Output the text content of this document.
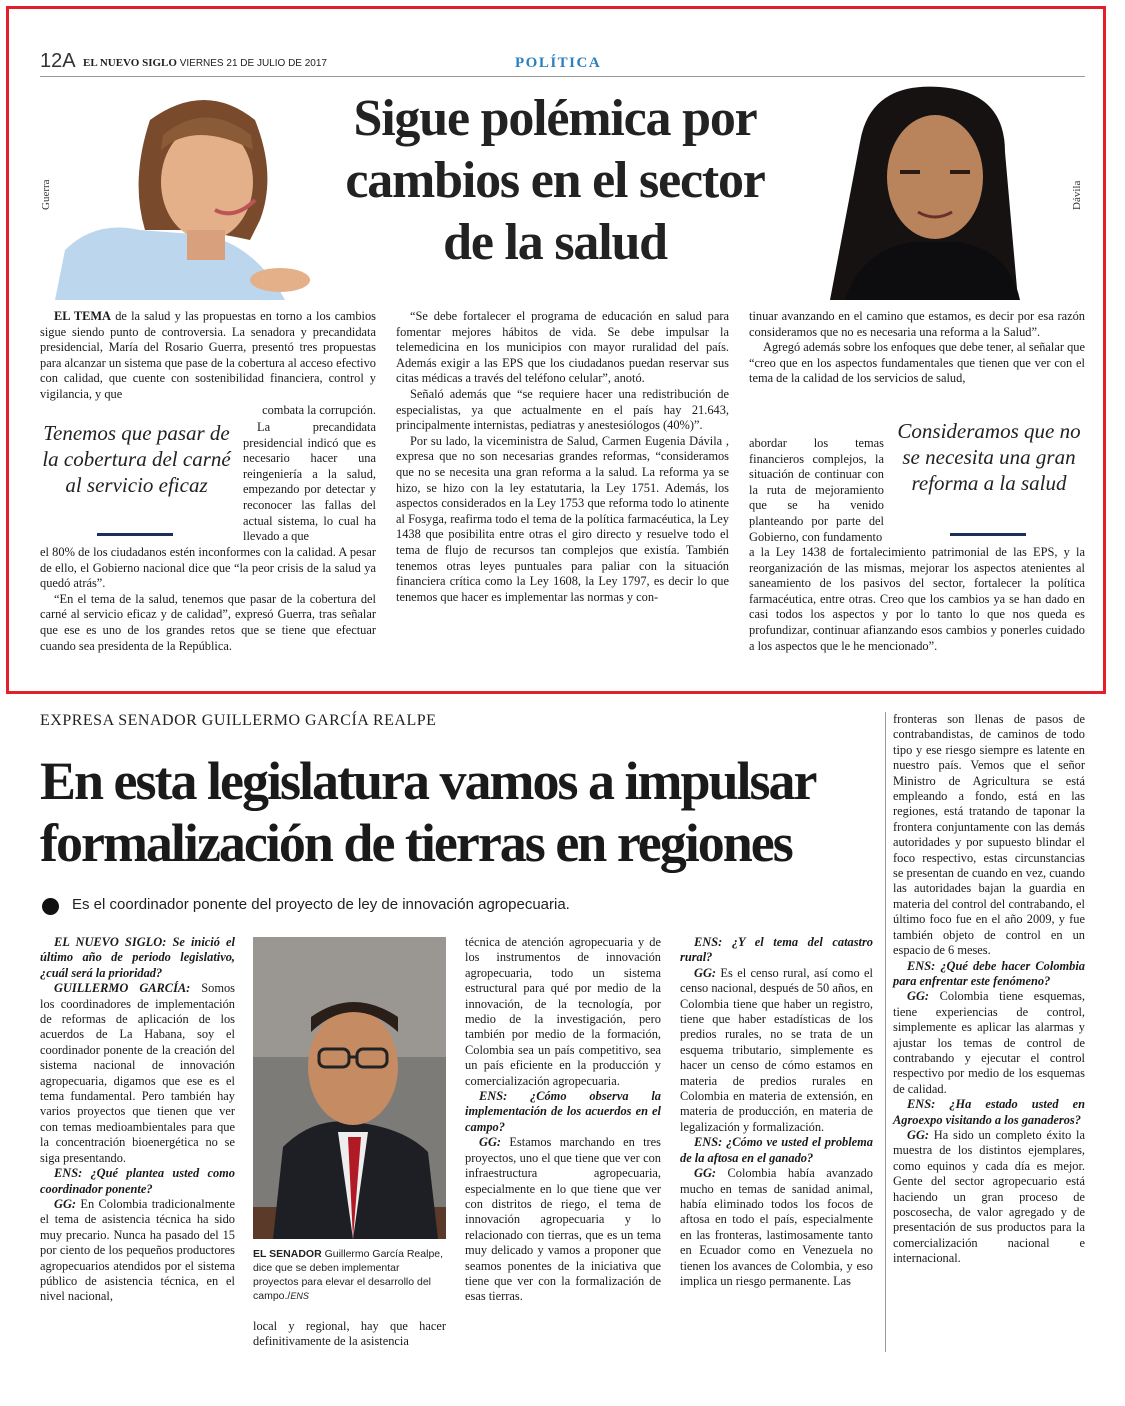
12A EL NUEVO SIGLO VIERNES 21 DE JULIO DE 2017	POLÍTICA
Guerra	Dávila
Sigue polémica por
cambios en el sector
de la salud

EL TEMA de la salud y las propuestas en torno a los cambios sigue siendo punto de controversia. La senadora y precandidata presidencial, María del Rosario Guerra, presentó tres propuestas para alcanzar un sistema que pase de la cobertura al acceso efectivo con calidad, que cuente con sostenibilidad financiera, control y vigilancia, y que

combata la corrupción.
Tenemos que pasar de la cobertura del carné al servicio eficaz

La precandidata presidencial indicó que es necesario hacer una reingeniería a la salud, empezando por detectar y reconocer las fallas del actual sistema, lo cual ha llevado a que

el 80% de los ciudadanos estén inconformes con la calidad. A pesar de ello, el Gobierno nacional dice que “la peor crisis de la salud ya quedó atrás”.

“En el tema de la salud, tenemos que pasar de la cobertura del carné al servicio eficaz y de calidad”, expresó Guerra, tras señalar que ese es uno de los grandes retos que se tiene que efectuar cuando sea presidenta de la República.

“Se debe fortalecer el programa de educación en salud para fomentar mejores hábitos de vida. Se debe impulsar la telemedicina en los municipios con mayor ruralidad del país. Además exigir a las EPS que los ciudadanos puedan reservar sus citas médicas a través del teléfono celular”, anotó.

Señaló además que “se requiere hacer una redistribución de especialistas, ya que actualmente en el país hay 21.643, principalmente internistas, pediatras y anestesiólogos (40%)”.

Por su lado, la viceministra de Salud, Carmen Eugenia Dávila , expresa que no son necesarias grandes reformas, “consideramos que no se necesita una gran reforma a la salud. La reforma ya se hizo, se hizo con la ley estatutaria, la Ley 1751. Además, los aspectos considerados en la Ley 1753 que reforma todo lo atinente al Fosyga, reafirma todo el tema de la política farmacéutica, la Ley 1438 que posibilita entre otras el giro directo y resuelve todo el tema de flujo de recursos tan complejos que existía. También tenemos otras leyes puntuales para paliar con la situación financiera crítica como la Ley 1608, la Ley 1797, es decir lo que tenemos que hacer es implementar las normas y con-

tinuar avanzando en el camino que estamos, es decir por esa razón consideramos que no es necesaria una reforma a la Salud”.

Agregó además sobre los enfoques que debe tener, al señalar que “creo que en los aspectos fundamentales que tienen que ver con el tema de la calidad de los servicios de salud,

abordar los temas financieros complejos, la situación de continuar con la ruta de mejoramiento que se ha venido planteando por parte del Gobierno, con fundamento

Consideramos que no se necesita una gran reforma a la salud

a la Ley 1438 de fortalecimiento patrimonial de las EPS, y la reorganización de las mismas, mejorar los aspectos atenientes al saneamiento de los pasivos del sector, fortalecer la política farmacéutica, entre otras. Creo que los cambios ya se han dado en casi todos los aspectos y por lo tanto lo que nos queda es profundizar, continuar afianzando esos cambios y ponerles cuidado a los aspectos que le he mencionado”.

EXPRESA SENADOR GUILLERMO GARCÍA REALPE
En esta legislatura vamos a impulsar
formalización de tierras en regiones
Es el coordinador ponente del proyecto de ley de innovación agropecuaria.

EL NUEVO SIGLO: Se inició el último año de periodo legislativo, ¿cuál será la prioridad?

GUILLERMO GARCÍA: Somos los coordinadores de implementación de reformas de aplicación de los acuerdos de La Habana, soy el coordinador ponente de la creación del sistema nacional de innovación agropecuaria, digamos que ese es el tema fundamental. Pero también hay varios proyectos que tienen que ver con temas medioambientales para que la concentración bioenergética no se siga presentando.

ENS: ¿Qué plantea usted como coordinador ponente?

GG: En Colombia tradicionalmente el tema de asistencia técnica ha sido muy precario. Nunca ha pasado del 15 por ciento de los pequeños productores agropecuarios atendidos por el sistema público de asistencia técnica, en el nivel nacional,

EL SENADOR Guillermo García Realpe, dice que se deben implementar proyectos para elevar el desarrollo del campo./ENS

local y regional, hay que hacer definitivamente de la asistencia

técnica de atención agropecuaria y de los instrumentos de innovación agropecuaria, todo un sistema estructural para qué por medio de la innovación, de la tecnología, por medio de la investigación, pero también por medio de la formación, Colombia sea un país competitivo, sea un país eficiente en la producción y comercialización agropecuaria.

ENS: ¿Cómo observa la implementación de los acuerdos en el campo?

GG: Estamos marchando en tres proyectos, uno el que tiene que ver con infraestructura agropecuaria, especialmente en lo que tiene que ver con distritos de riego, el tema de innovación agropecuaria y lo relacionado con tierras, que es un tema muy delicado y vamos a proponer que seamos ponentes de la iniciativa que tiene que ver con la formalización de esas tierras.

ENS: ¿Y el tema del catastro rural?

GG: Es el censo rural, así como el censo nacional, después de 50 años, en Colombia tiene que haber un registro, tiene que haber estadísticas de los predios rurales, no se trata de un esquema tributario, simplemente es hacer un censo de cómo estamos en materia de predios rurales en Colombia en materia de extensión, en materia de producción, en materia de legalización y formalización.

ENS: ¿Cómo ve usted el problema de la aftosa en el ganado?

GG: Colombia había avanzado mucho en temas de sanidad animal, había eliminado todos los focos de aftosa en todo el país, especialmente en las fronteras, lastimosamente tanto en Ecuador como en Venezuela no tienen los avances de Colombia, y eso implica un riesgo permanente. Las

fronteras son llenas de pasos de contrabandistas, de caminos de todo tipo y ese riesgo siempre es latente en nuestro país. Vemos que el señor Ministro de Agricultura se está empleando a fondo, está en las regiones, está tratando de taponar la frontera conjuntamente con las demás autoridades y por supuesto blindar el foco respectivo, estas circunstancias se presentan de cuando en vez, cuando las autoridades bajan la guardia en materia del control del contrabando, el último foco fue en el año 2009, y fue también objeto de control en un espacio de 6 meses.

ENS: ¿Qué debe hacer Colombia para enfrentar este fenómeno?

GG: Colombia tiene esquemas, tiene experiencias de control, simplemente es aplicar las alarmas y ajustar los temas de control de contrabando y ejecutar el control respectivo por medio de los esquemas de calidad.

ENS: ¿Ha estado usted en Agroexpo visitando a los ganaderos?

GG: Ha sido un completo éxito la muestra de los distintos ejemplares, como equinos y cada día es mejor. Gente del sector agropecuario está haciendo un gran proceso de poscosecha, de valor agregado y de presentación de sus productos para la comercialización nacional e internacional.
